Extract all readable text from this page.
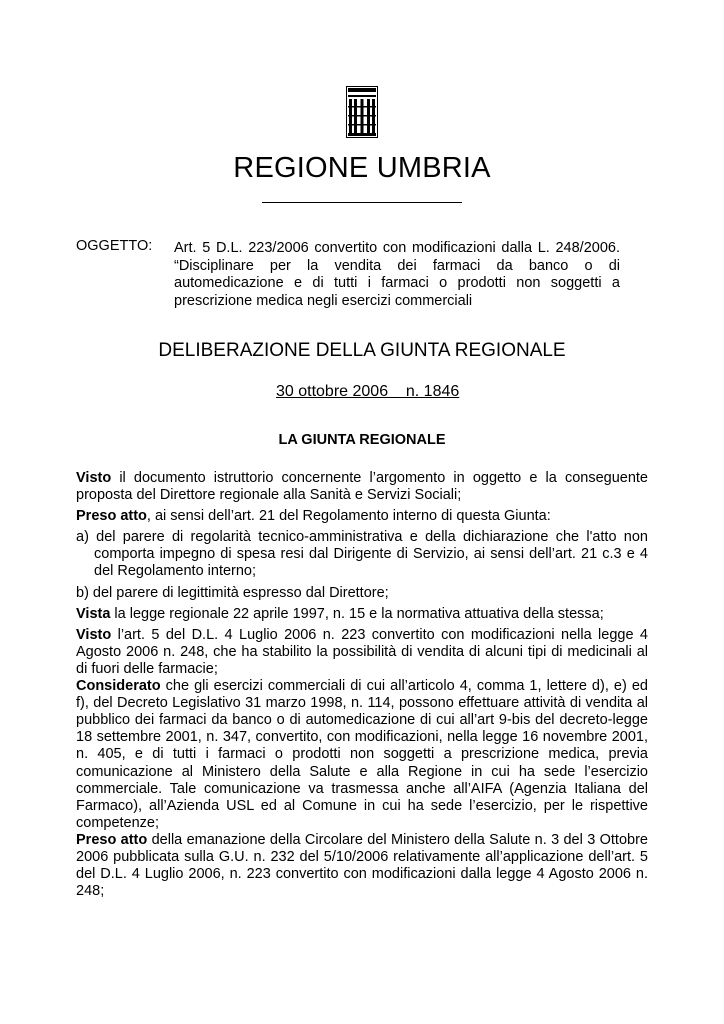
REGIONE UMBRIA
OGGETTO: Art. 5 D.L. 223/2006 convertito con modificazioni dalla L. 248/2006. “Disciplinare per la vendita dei farmaci da banco o di automedicazione e di tutti i farmaci o prodotti non soggetti a prescrizione medica negli esercizi commerciali
DELIBERAZIONE DELLA GIUNTA REGIONALE
30 ottobre 2006    n. 1846
LA GIUNTA REGIONALE

Visto il documento istruttorio concernente l’argomento in oggetto e la conseguente proposta del Direttore regionale alla Sanità e Servizi Sociali;

Preso atto, ai sensi dell’art. 21 del Regolamento interno di questa Giunta:

a) del parere di regolarità tecnico-amministrativa e della dichiarazione che l'atto non comporta impegno di spesa resi dal Dirigente di Servizio, ai sensi dell’art. 21 c.3 e 4 del Regolamento interno;

b) del parere di legittimità espresso dal Direttore;

Vista la legge regionale 22 aprile 1997, n. 15 e la normativa attuativa della stessa;

Visto l’art. 5 del D.L. 4 Luglio 2006 n. 223 convertito con modificazioni nella legge 4 Agosto 2006 n. 248, che ha stabilito la possibilità di vendita di alcuni tipi di medicinali al di fuori delle farmacie;

Considerato che gli esercizi commerciali di cui all’articolo 4, comma 1, lettere d), e) ed f), del Decreto Legislativo 31 marzo 1998, n. 114, possono effettuare attività di vendita al pubblico dei farmaci da banco o di automedicazione di cui all’art 9-bis del decreto-legge 18 settembre 2001, n. 347, convertito, con modificazioni, nella legge 16 novembre 2001, n. 405, e di tutti i farmaci o prodotti non soggetti a prescrizione medica, previa comunicazione al Ministero della Salute e alla Regione in cui ha sede l’esercizio commerciale. Tale comunicazione va trasmessa anche all’AIFA (Agenzia Italiana del Farmaco), all’Azienda USL ed al Comune in cui ha sede l’esercizio, per le rispettive competenze;

Preso atto della emanazione della Circolare del Ministero della Salute n. 3 del 3 Ottobre 2006 pubblicata sulla G.U. n. 232 del 5/10/2006 relativamente all’applicazione dell’art. 5 del D.L. 4 Luglio 2006, n. 223 convertito con modificazioni dalla legge 4 Agosto 2006 n. 248;
